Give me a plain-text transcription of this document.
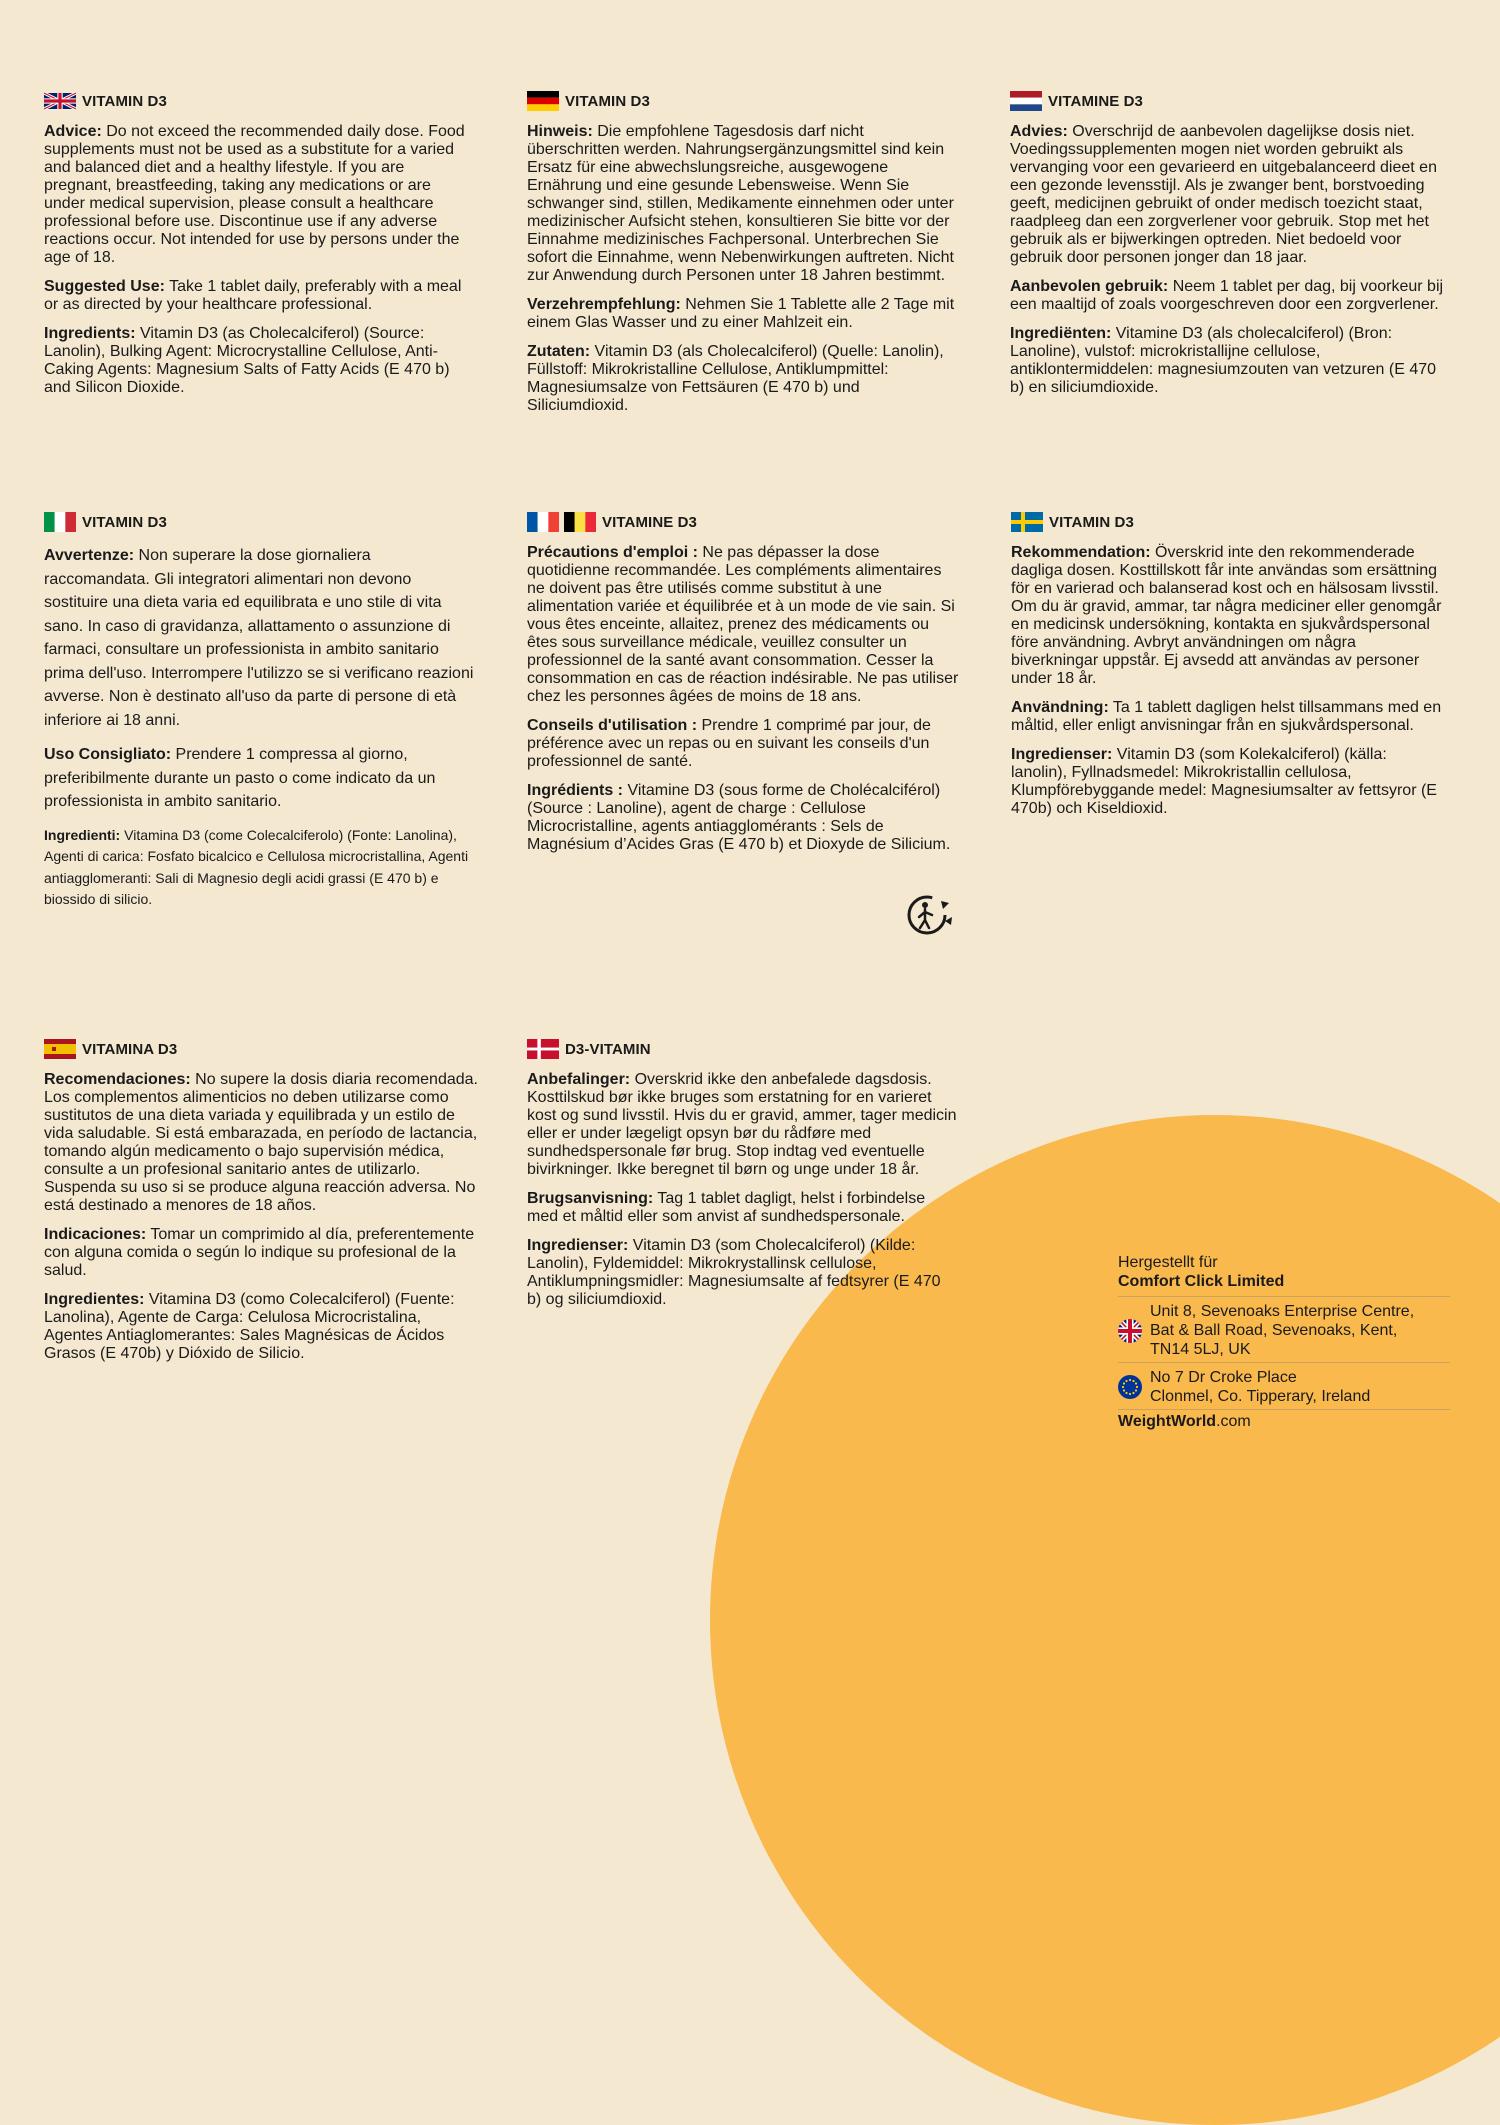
VITAMIN D3

Advice: Do not exceed the recommended daily dose. Food supplements must not be used as a substitute for a varied and balanced diet and a healthy lifestyle. If you are pregnant, breastfeeding, taking any medications or are under medical supervision, please consult a healthcare professional before use. Discontinue use if any adverse reactions occur. Not intended for use by persons under the age of 18.

Suggested Use: Take 1 tablet daily, preferably with a meal or as directed by your healthcare professional.

Ingredients: Vitamin D3 (as Cholecalciferol) (Source: Lanolin), Bulking Agent: Microcrystalline Cellulose, Anti-Caking Agents: Magnesium Salts of Fatty Acids (E 470 b) and Silicon Dioxide.

VITAMIN D3

Hinweis: Die empfohlene Tagesdosis darf nicht überschritten werden. Nahrungsergänzungsmittel sind kein Ersatz für eine abwechslungsreiche, ausgewogene Ernährung und eine gesunde Lebensweise. Wenn Sie schwanger sind, stillen, Medikamente einnehmen oder unter medizinischer Aufsicht stehen, konsultieren Sie bitte vor der Einnahme medizinisches Fachpersonal. Unterbrechen Sie sofort die Einnahme, wenn Nebenwirkungen auftreten. Nicht zur Anwendung durch Personen unter 18 Jahren bestimmt.

Verzehrempfehlung: Nehmen Sie 1 Tablette alle 2 Tage mit einem Glas Wasser und zu einer Mahlzeit ein.

Zutaten: Vitamin D3 (als Cholecalciferol) (Quelle: Lanolin), Füllstoff: Mikrokristalline Cellulose, Antiklumpmittel: Magnesiumsalze von Fettsäuren (E 470 b) und Siliciumdioxid.

VITAMINE D3

Advies: Overschrijd de aanbevolen dagelijkse dosis niet. Voedingssupplementen mogen niet worden gebruikt als vervanging voor een gevarieerd en uitgebalanceerd dieet en een gezonde levensstijl. Als je zwanger bent, borstvoeding geeft, medicijnen gebruikt of onder medisch toezicht staat, raadpleeg dan een zorgverlener voor gebruik. Stop met het gebruik als er bijwerkingen optreden. Niet bedoeld voor gebruik door personen jonger dan 18 jaar.

Aanbevolen gebruik: Neem 1 tablet per dag, bij voorkeur bij een maaltijd of zoals voorgeschreven door een zorgverlener.

Ingrediënten: Vitamine D3 (als cholecalciferol) (Bron: Lanoline), vulstof: microkristallijne cellulose, antiklontermiddelen: magnesiumzouten van vetzuren (E 470 b) en siliciumdioxide.

VITAMIN D3

Avvertenze: Non superare la dose giornaliera raccomandata. Gli integratori alimentari non devono sostituire una dieta varia ed equilibrata e uno stile di vita sano. In caso di gravidanza, allattamento o assunzione di farmaci, consultare un professionista in ambito sanitario prima dell'uso. Interrompere l'utilizzo se si verificano reazioni avverse. Non è destinato all'uso da parte di persone di età inferiore ai 18 anni.

Uso Consigliato: Prendere 1 compressa al giorno, preferibilmente durante un pasto o come indicato da un professionista in ambito sanitario.

Ingredienti: Vitamina D3 (come Colecalciferolo) (Fonte: Lanolina), Agenti di carica: Fosfato bicalcico e Cellulosa microcristallina, Agenti antiagglomeranti: Sali di Magnesio degli acidi grassi (E 470 b) e biossido di silicio.

VITAMINE D3

Précautions d'emploi : Ne pas dépasser la dose quotidienne recommandée. Les compléments alimentaires ne doivent pas être utilisés comme substitut à une alimentation variée et équilibrée et à un mode de vie sain. Si vous êtes enceinte, allaitez, prenez des médicaments ou êtes sous surveillance médicale, veuillez consulter un professionnel de la santé avant consommation. Cesser la consommation en cas de réaction indésirable. Ne pas utiliser chez les personnes âgées de moins de 18 ans.

Conseils d'utilisation : Prendre 1 comprimé par jour, de préférence avec un repas ou en suivant les conseils d'un professionnel de santé.

Ingrédients : Vitamine D3 (sous forme de Cholécalciférol) (Source : Lanoline), agent de charge : Cellulose Microcristalline, agents antiagglomérants : Sels de Magnésium d’Acides Gras (E 470 b) et Dioxyde de Silicium.

VITAMIN D3

Rekommendation: Överskrid inte den rekommenderade dagliga dosen. Kosttillskott får inte användas som ersättning för en varierad och balanserad kost och en hälsosam livsstil. Om du är gravid, ammar, tar några mediciner eller genomgår en medicinsk undersökning, kontakta en sjukvårdspersonal före användning. Avbryt användningen om några biverkningar uppstår. Ej avsedd att användas av personer under 18 år.

Användning: Ta 1 tablett dagligen helst tillsammans med en måltid, eller enligt anvisningar från en sjukvårdspersonal.

Ingredienser: Vitamin D3 (som Kolekalciferol) (källa: lanolin), Fyllnadsmedel: Mikrokristallin cellulosa, Klumpförebyggande medel: Magnesiumsalter av fettsyror (E 470b) och Kiseldioxid.

VITAMINA D3

Recomendaciones: No supere la dosis diaria recomendada. Los complementos alimenticios no deben utilizarse como sustitutos de una dieta variada y equilibrada y un estilo de vida saludable. Si está embarazada, en período de lactancia, tomando algún medicamento o bajo supervisión médica, consulte a un profesional sanitario antes de utilizarlo. Suspenda su uso si se produce alguna reacción adversa. No está destinado a menores de 18 años.

Indicaciones: Tomar un comprimido al día, preferentemente con alguna comida o según lo indique su profesional de la salud.

Ingredientes: Vitamina D3 (como Colecalciferol) (Fuente: Lanolina), Agente de Carga: Celulosa Microcristalina, Agentes Antiaglomerantes: Sales Magnésicas de Ácidos Grasos (E 470b) y Dióxido de Silicio.

D3-VITAMIN

Anbefalinger: Overskrid ikke den anbefalede dagsdosis. Kosttilskud bør ikke bruges som erstatning for en varieret kost og sund livsstil. Hvis du er gravid, ammer, tager medicin eller er under lægeligt opsyn bør du rådføre med sundhedspersonale før brug. Stop indtag ved eventuelle bivirkninger. Ikke beregnet til børn og unge under 18 år.

Brugsanvisning: Tag 1 tablet dagligt, helst i forbindelse med et måltid eller som anvist af sundhedspersonale.

Ingredienser: Vitamin D3 (som Cholecalciferol) (Kilde: Lanolin), Fyldemiddel: Mikrokrystallinsk cellulose, Antiklumpningsmidler: Magnesiumsalte af fedtsyrer (E 470 b) og siliciumdioxid.

Hergestellt für
Comfort Click Limited
Unit 8, Sevenoaks Enterprise Centre,
Bat & Ball Road, Sevenoaks, Kent,
TN14 5LJ, UK
No 7 Dr Croke Place
Clonmel, Co. Tipperary, Ireland
WeightWorld.com
